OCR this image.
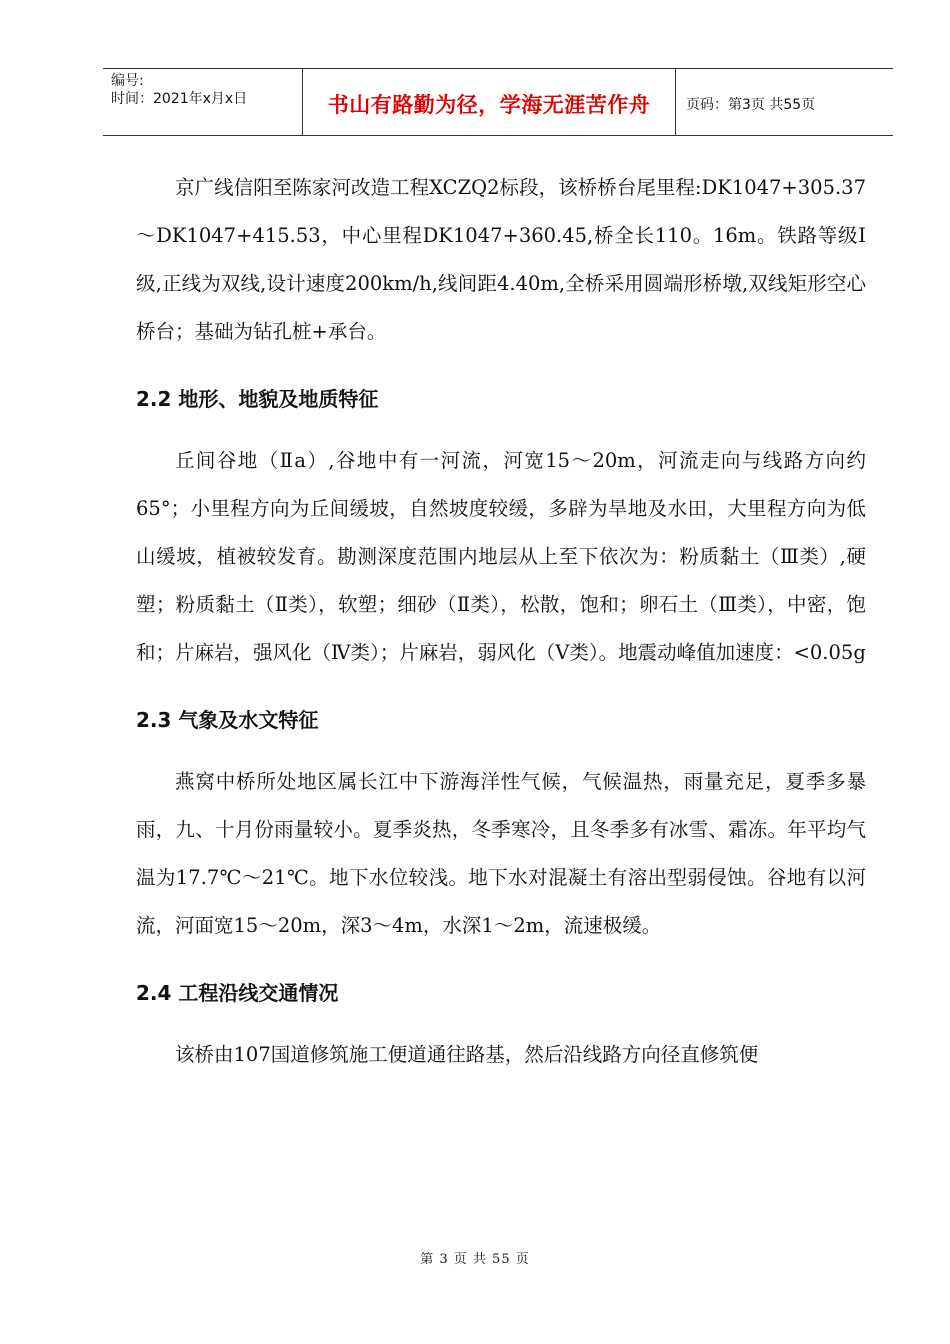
编号:
时间：2021年x月x日	书山有路勤为径，学海无涯苦作舟	页码：第3页 共55页

京广线信阳至陈家河改造工程XCZQ2标段，该桥桥台尾里程:DK1047+305.37～DK1047+415.53，中心里程DK1047+360.45,桥全长110。16m。铁路等级Ⅰ级,正线为双线,设计速度200km/h,线间距4.40m,全桥采用圆端形桥墩,双线矩形空心桥台；基础为钻孔桩+承台。

2.2 地形、地貌及地质特征

丘间谷地（Ⅱa）,谷地中有一河流，河宽15～20m，河流走向与线路方向约65°；小里程方向为丘间缓坡，自然坡度较缓，多辟为旱地及水田，大里程方向为低山缓坡，植被较发育。勘测深度范围内地层从上至下依次为：粉质黏土（Ⅲ类）,硬塑；粉质黏土（Ⅱ类），软塑；细砂（Ⅱ类），松散，饱和；卵石土（Ⅲ类），中密，饱和；片麻岩，强风化（Ⅳ类）；片麻岩，弱风化（Ⅴ类）。地震动峰值加速度：<0.05g

2.3 气象及水文特征

燕窝中桥所处地区属长江中下游海洋性气候，气候温热，雨量充足，夏季多暴雨，九、十月份雨量较小。夏季炎热，冬季寒冷，且冬季多有冰雪、霜冻。年平均气温为17.7℃～21℃。地下水位较浅。地下水对混凝土有溶出型弱侵蚀。谷地有以河流，河面宽15～20m，深3～4m，水深1～2m，流速极缓。

2.4 工程沿线交通情况

该桥由107国道修筑施工便道通往路基，然后沿线路方向径直修筑便

第 3 页 共 55 页
